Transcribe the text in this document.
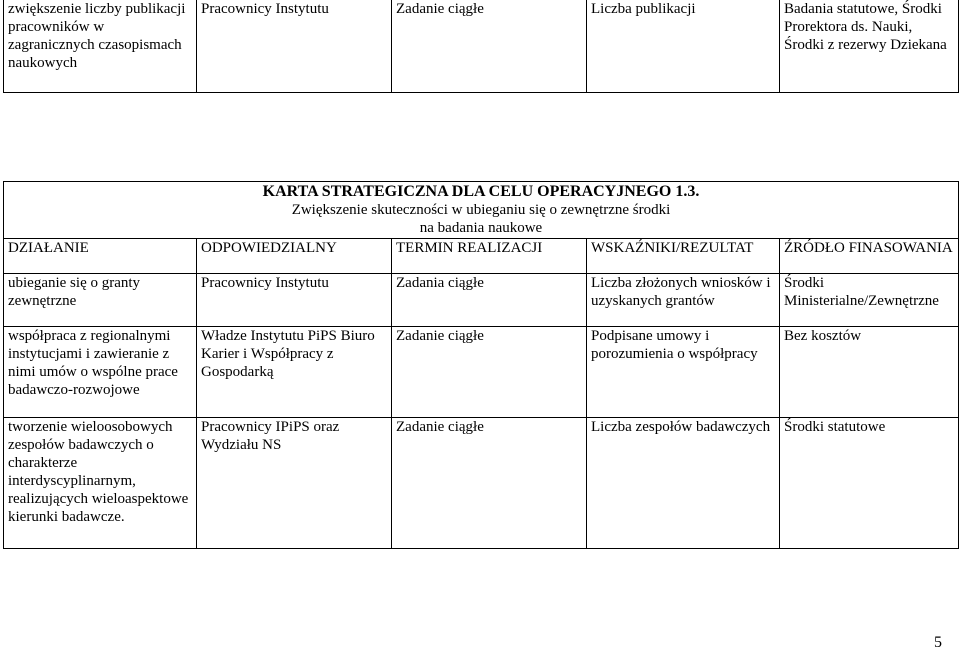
zwiększenie liczby publikacji pracowników w zagranicznych czasopismach naukowych	Pracownicy Instytutu	Zadanie ciągłe	Liczba publikacji	Badania statutowe, Środki Prorektora ds. Nauki, Środki z rezerwy Dziekana
KARTA STRATEGICZNA DLA CELU OPERACYJNEGO 1.3.
Zwiększenie skuteczności w ubieganiu się o zewnętrzne środki
na badania naukowe				

DZIAŁANIE	ODPOWIEDZIALNY	TERMIN REALIZACJI	WSKAŹNIKI/REZULTAT	ŹRÓDŁO FINASOWANIA
ubieganie się o granty zewnętrzne	Pracownicy Instytutu	Zadania ciągłe	Liczba złożonych wniosków i uzyskanych grantów	Środki Ministerialne/Zewnętrzne
współpraca z regionalnymi instytucjami i zawieranie z nimi umów o wspólne prace badawczo-rozwojowe	Władze Instytutu PiPS Biuro Karier i Współpracy z Gospodarką	Zadanie ciągłe	Podpisane umowy i porozumienia o współpracy	Bez kosztów
tworzenie wieloosobowych zespołów badawczych o charakterze interdyscyplinarnym, realizujących wieloaspektowe kierunki badawcze.	Pracownicy IPiPS oraz Wydziału NS	Zadanie ciągłe	Liczba zespołów badawczych	Środki statutowe
5
